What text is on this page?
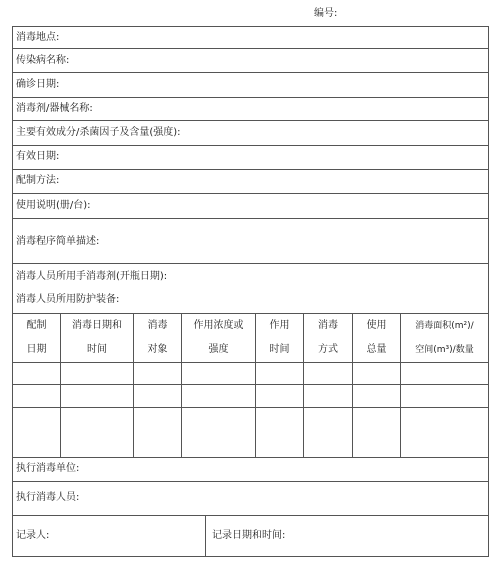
编号:
消毒地点:
传染病名称:
确诊日期:
消毒剂/器械名称:
主要有效成分/杀菌因子及含量(强度):
有效日期:
配制方法:
使用说明(册/台):
消毒程序简单描述:
消毒人员所用手消毒剂(开瓶日期):
消毒人员所用防护装备:
配制
日期
消毒日期和
时间
消毒
对象
作用浓度或
强度
作用
时间
消毒
方式
使用
总量
消毒面积(m²)/
空间(m³)/数量
执行消毒单位:
执行消毒人员:
记录人:	记录日期和时间:
